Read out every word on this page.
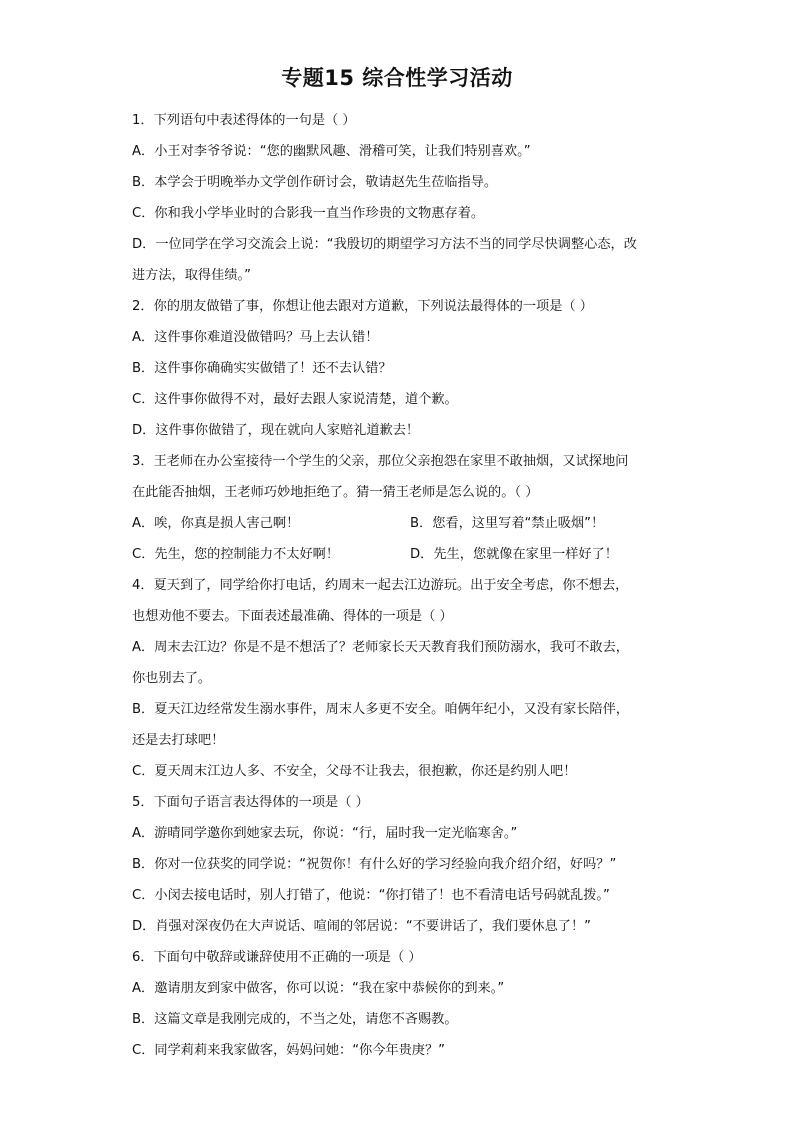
专题15 综合性学习活动
1．下列语句中表述得体的一句是（ ）
A．小王对李爷爷说：“您的幽默风趣、滑稽可笑，让我们特别喜欢。”
B．本学会于明晚举办文学创作研讨会，敬请赵先生莅临指导。
C．你和我小学毕业时的合影我一直当作珍贵的文物惠存着。
D．一位同学在学习交流会上说：“我殷切的期望学习方法不当的同学尽快调整心态，改
进方法，取得佳绩。”
2．你的朋友做错了事，你想让他去跟对方道歉，下列说法最得体的一项是（ ）
A．这件事你难道没做错吗？马上去认错！
B．这件事你确确实实做错了！还不去认错？
C．这件事你做得不对，最好去跟人家说清楚，道个歉。
D．这件事你做错了，现在就向人家赔礼道歉去！
3．王老师在办公室接待一个学生的父亲，那位父亲抱怨在家里不敢抽烟，又试探地问
在此能否抽烟，王老师巧妙地拒绝了。猜一猜王老师是怎么说的。（ ）
A．唉，你真是损人害己啊！	B．您看，这里写着“禁止吸烟”！
C．先生，您的控制能力不太好啊！	D．先生，您就像在家里一样好了！
4．夏天到了，同学给你打电话，约周末一起去江边游玩。出于安全考虑，你不想去，
也想劝他不要去。下面表述最准确、得体的一项是（ ）
A．周末去江边？你是不是不想活了？老师家长天天教育我们预防溺水，我可不敢去，
你也别去了。
B．夏天江边经常发生溺水事件，周末人多更不安全。咱俩年纪小，又没有家长陪伴，
还是去打球吧！
C．夏天周末江边人多、不安全，父母不让我去，很抱歉，你还是约别人吧！
5．下面句子语言表达得体的一项是（ ）
A．游晴同学邀你到她家去玩，你说：“行，届时我一定光临寒舍。”
B．你对一位获奖的同学说：“祝贺你！有什么好的学习经验向我介绍介绍，好吗？”
C．小闵去接电话时，别人打错了，他说：“你打错了！也不看清电话号码就乱拨。”
D．肖强对深夜仍在大声说话、喧闹的邻居说：“不要讲话了，我们要休息了！”
6．下面句中敬辞或谦辞使用不正确的一项是（ ）
A．邀请朋友到家中做客，你可以说：“我在家中恭候你的到来。”
B．这篇文章是我刚完成的，不当之处，请您不吝赐教。
C．同学莉莉来我家做客，妈妈问她：“你今年贵庚？”
